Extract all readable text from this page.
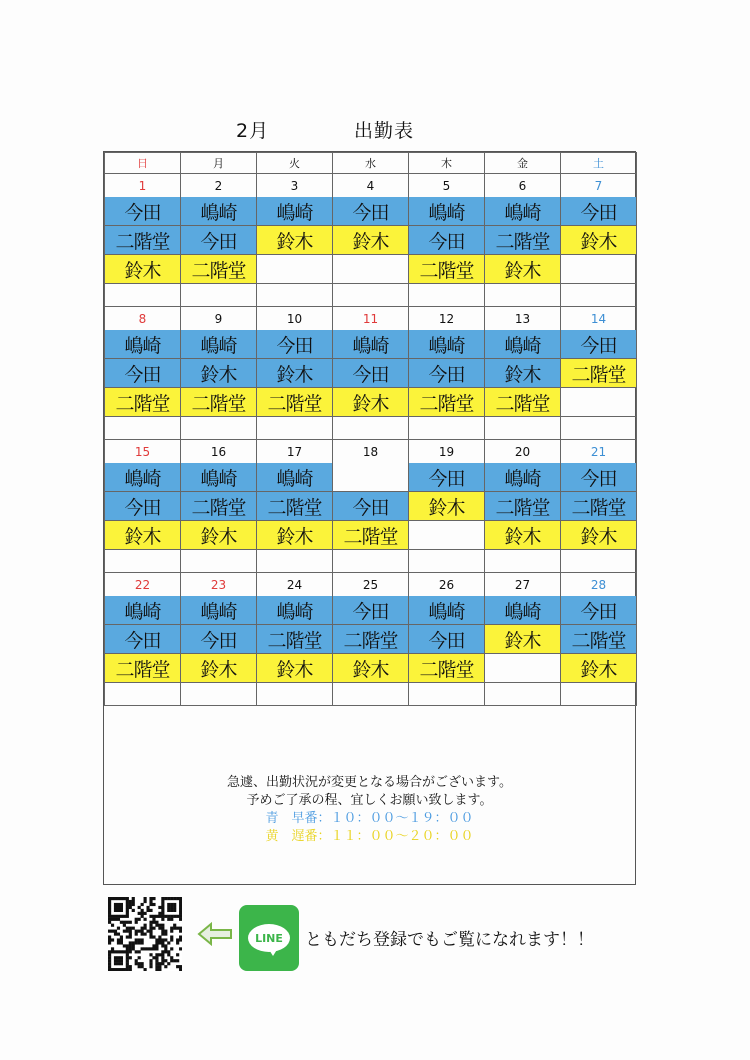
2月	出勤表
日	月	火	水	木	金	土
1	2	3	4	5	6	7
今田	嶋崎	嶋崎	今田	嶋崎	嶋崎	今田
二階堂	今田	鈴木	鈴木	今田	二階堂	鈴木
鈴木	二階堂			二階堂	鈴木	

8	9	10	11	12	13	14
嶋崎	嶋崎	今田	嶋崎	嶋崎	嶋崎	今田
今田	鈴木	鈴木	今田	今田	鈴木	二階堂
二階堂	二階堂	二階堂	鈴木	二階堂	二階堂	

15	16	17	18	19	20	21
嶋崎	嶋崎	嶋崎		今田	嶋崎	今田
今田	二階堂	二階堂	今田	鈴木	二階堂	二階堂
鈴木	鈴木	鈴木	二階堂		鈴木	鈴木

22	23	24	25	26	27	28
嶋崎	嶋崎	嶋崎	今田	嶋崎	嶋崎	今田
今田	今田	二階堂	二階堂	今田	鈴木	二階堂
二階堂	鈴木	鈴木	鈴木	二階堂		鈴木

急遽、出勤状況が変更となる場合がございます。
予めご了承の程、宜しくお願い致します。
青　早番：１０：００〜１９：００
黄　遅番：１１：００〜２０：００
LINE ともだち登録でもご覧になれます！！
